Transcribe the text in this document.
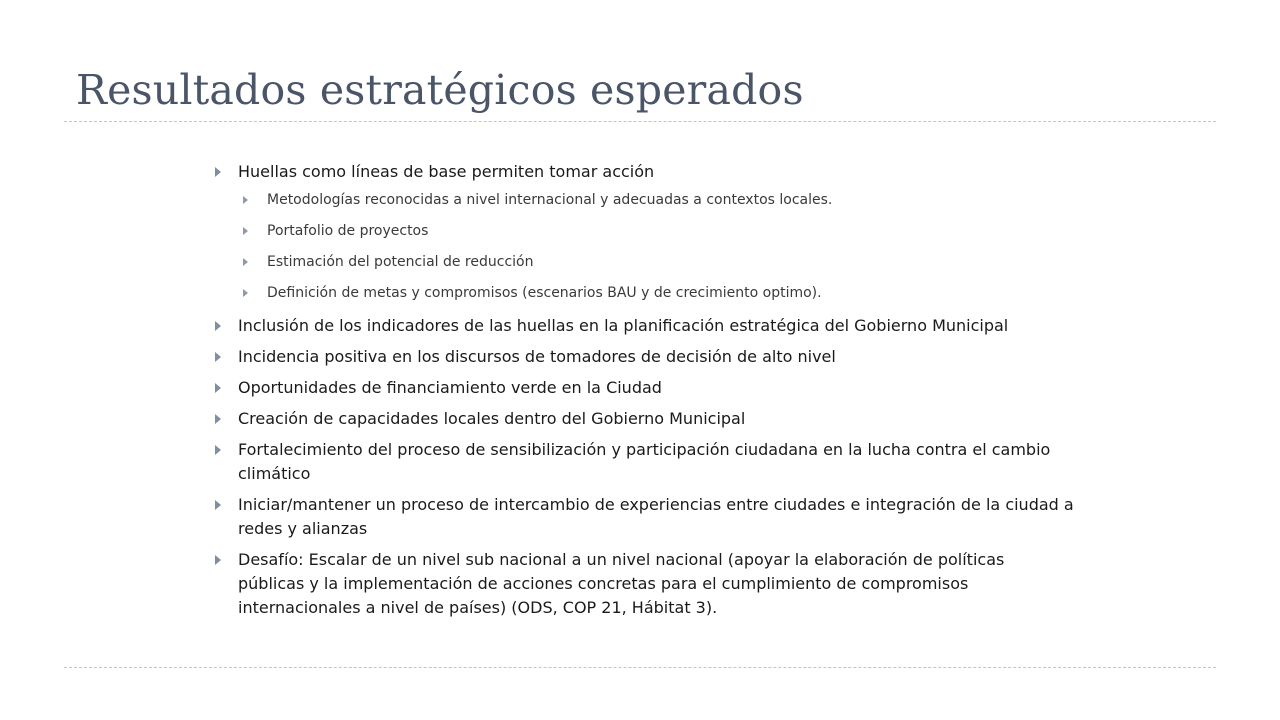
Resultados estratégicos esperados
Huellas como líneas de base permiten tomar acción
Metodologías reconocidas a nivel internacional y adecuadas a contextos locales.
Portafolio de proyectos
Estimación del potencial de reducción
Definición de metas y compromisos (escenarios BAU y de crecimiento optimo).
Inclusión de los indicadores de las huellas en la planificación estratégica del Gobierno Municipal
Incidencia positiva en los discursos de tomadores de decisión de alto nivel
Oportunidades de financiamiento verde en la Ciudad
Creación de capacidades locales dentro del Gobierno Municipal
Fortalecimiento del proceso de sensibilización y participación ciudadana en la lucha contra el cambio climático
Iniciar/mantener un proceso de intercambio de experiencias entre ciudades e integración de la ciudad a redes y alianzas
Desafío: Escalar de un nivel sub nacional a un nivel nacional (apoyar la elaboración de políticas públicas y la implementación de acciones concretas para el cumplimiento de compromisos internacionales a nivel de países) (ODS, COP 21, Hábitat 3).
